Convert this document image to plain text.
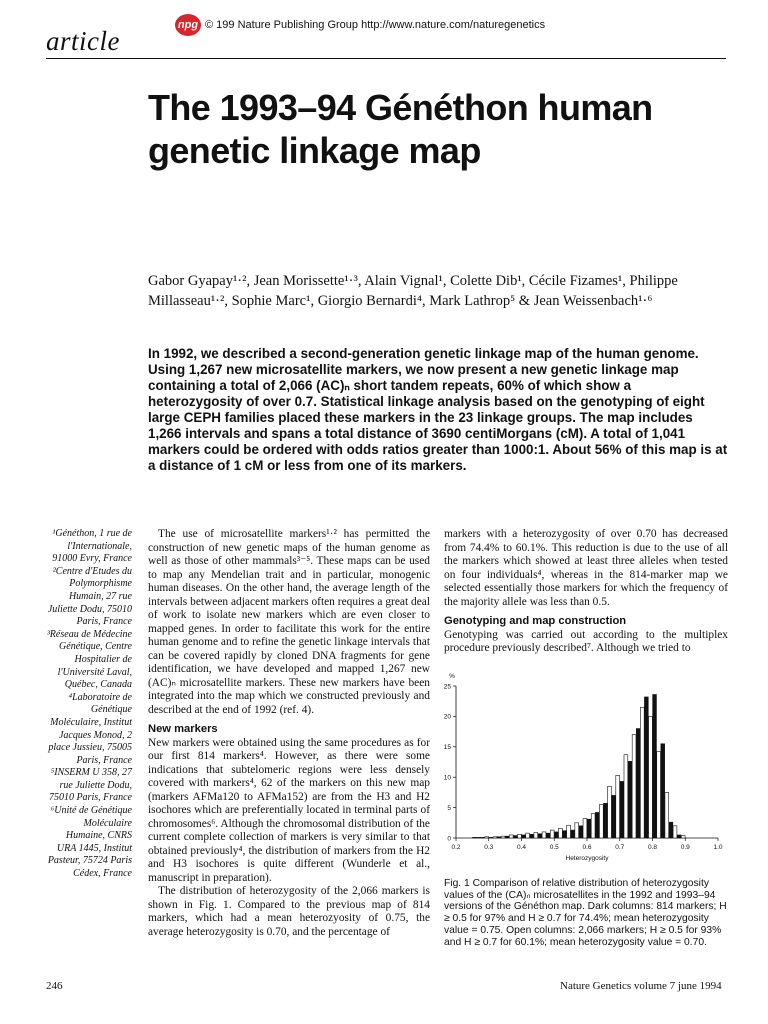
npg © 199 Nature Publishing Group http://www.nature.com/naturegenetics
article
The 1993–94 Généthon human
genetic linkage map
Gabor Gyapay¹·², Jean Morissette¹·³, Alain Vignal¹, Colette Dib¹, Cécile Fizames¹, Philippe
Millasseau¹·², Sophie Marc¹, Giorgio Bernardi⁴, Mark Lathrop⁵ & Jean Weissenbach¹·⁶

In 1992, we described a second-generation genetic linkage map of the human genome. Using 1,267 new microsatellite markers, we now present a new genetic linkage map containing a total of 2,066 (AC)ₙ short tandem repeats, 60% of which show a heterozygosity of over 0.7. Statistical linkage analysis based on the genotyping of eight large CEPH families placed these markers in the 23 linkage groups. The map includes 1,266 intervals and spans a total distance of 3690 centiMorgans (cM). A total of 1,041 markers could be ordered with odds ratios greater than 1000:1. About 56% of this map is at a distance of 1 cM or less from one of its markers.

¹Généthon, 1 rue de l'Internationale, 91000 Evry, France ²Centre d'Etudes du Polymorphisme Humain, 27 rue Juliette Dodu, 75010 Paris, France ³Réseau de Médecine Génétique, Centre Hospitalier de l'Université Laval, Québec, Canada ⁴Laboratoire de Génétique Moléculaire, Institut Jacques Monod, 2 place Jussieu, 75005 Paris, France ⁵INSERM U 358, 27 rue Juliette Dodu, 75010 Paris, France ⁶Unité de Génétique Moléculaire Humaine, CNRS URA 1445, Institut Pasteur, 75724 Paris Cédex, France

The use of microsatellite markers¹·² has permitted the construction of new genetic maps of the human genome as well as those of other mammals³⁻⁵. These maps can be used to map any Mendelian trait and in particular, monogenic human diseases. On the other hand, the average length of the intervals between adjacent markers often requires a great deal of work to isolate new markers which are even closer to mapped genes. In order to facilitate this work for the entire human genome and to refine the genetic linkage intervals that can be covered rapidly by cloned DNA fragments for gene identification, we have developed and mapped 1,267 new (AC)ₙ microsatellite markers. These new markers have been integrated into the map which we constructed previously and described at the end of 1992 (ref. 4).

New markers

New markers were obtained using the same procedures as for our first 814 markers⁴. However, as there were some indications that subtelomeric regions were less densely covered with markers⁴, 62 of the markers on this new map (markers AFMa120 to AFMa152) are from the H3 and H2 isochores which are preferentially located in terminal parts of chromosomes⁶. Although the chromosomal distribution of the current complete collection of markers is very similar to that obtained previously⁴, the distribution of markers from the H2 and H3 isochores is quite different (Wunderle et al., manuscript in preparation).

The distribution of heterozygosity of the 2,066 markers is shown in Fig. 1. Compared to the previous map of 814 markers, which had a mean heterozyosity of 0.75, the average heterozygosity is 0.70, and the percentage of

markers with a heterozygosity of over 0.70 has decreased from 74.4% to 60.1%. This reduction is due to the use of all the markers which showed at least three alleles when tested on four individuals⁴, whereas in the 814-marker map we selected essentially those markers for which the frequency of the majority allele was less than 0.5.

Genotyping and map construction

Genotyping was carried out according to the multiplex procedure previously described⁷. Although we tried to

%
0
5
10
15
20
25
0.2	0.3	0.4	0.5	0.6	0.7	0.8	0.9	1.0
Heterozygosity
Fig. 1 Comparison of relative distribution of heterozygosity values of the (CA)ₙ microsatellites in the 1992 and 1993–94 versions of the Généthon map. Dark columns: 814 markers; H ≥ 0.5 for 97% and H ≥ 0.7 for 74.4%; mean heterozygosity value = 0.75. Open columns: 2,066 markers; H ≥ 0.5 for 93% and H ≥ 0.7 for 60.1%; mean heterozygosity value = 0.70.
246	Nature Genetics volume 7 june 1994
